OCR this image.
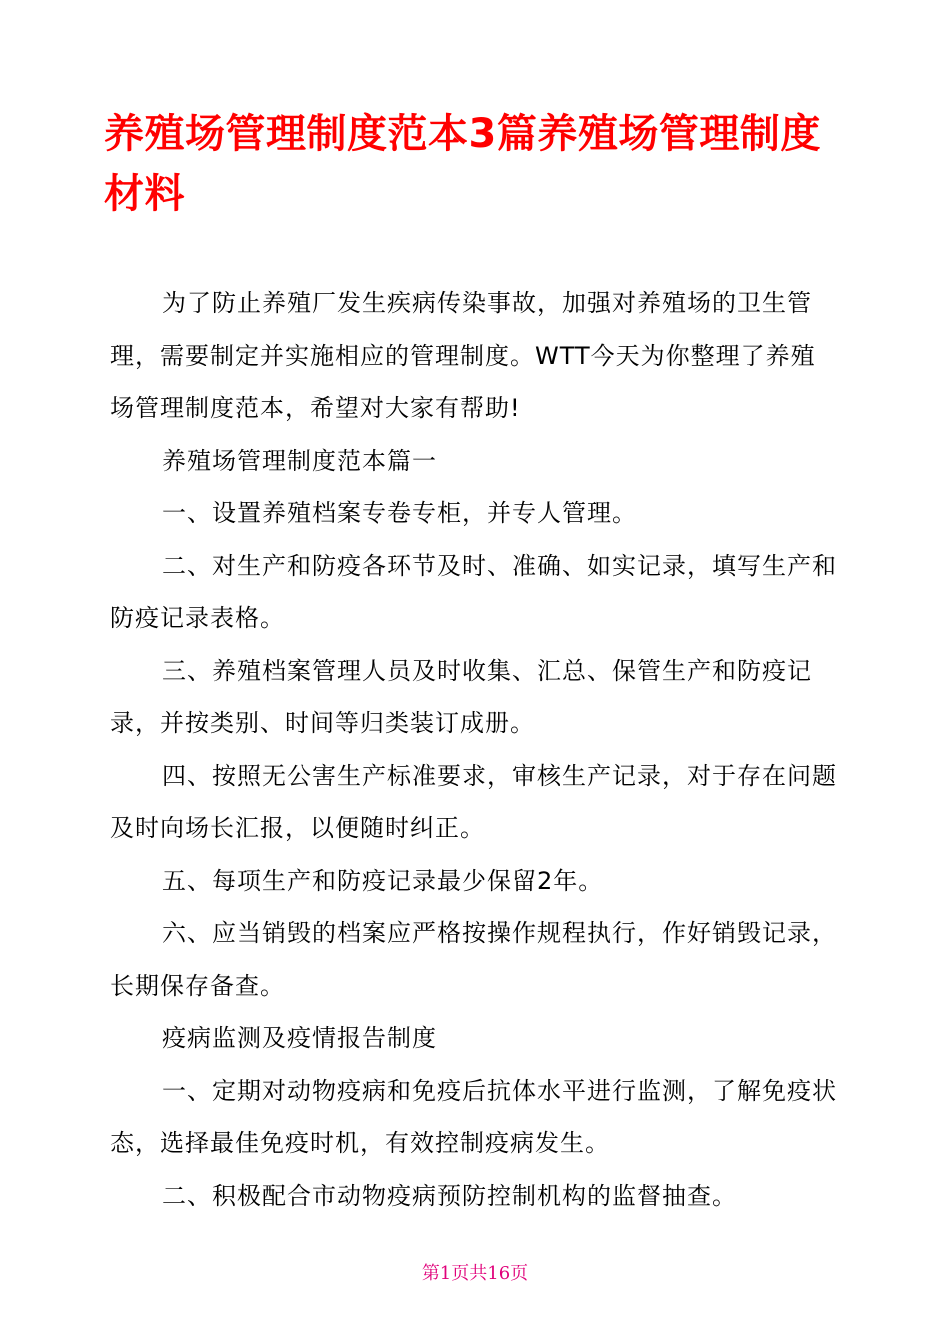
养殖场管理制度范本3篇养殖场管理制度材料

为了防止养殖厂发生疾病传染事故，加强对养殖场的卫生管理，需要制定并实施相应的管理制度。WTT今天为你整理了养殖场管理制度范本，希望对大家有帮助!

养殖场管理制度范本篇一

一、设置养殖档案专卷专柜，并专人管理。

二、对生产和防疫各环节及时、准确、如实记录，填写生产和防疫记录表格。

三、养殖档案管理人员及时收集、汇总、保管生产和防疫记录，并按类别、时间等归类装订成册。

四、按照无公害生产标准要求，审核生产记录，对于存在问题及时向场长汇报，以便随时纠正。

五、每项生产和防疫记录最少保留2年。

六、应当销毁的档案应严格按操作规程执行，作好销毁记录，长期保存备查。

疫病监测及疫情报告制度

一、定期对动物疫病和免疫后抗体水平进行监测，了解免疫状态，选择最佳免疫时机，有效控制疫病发生。

二、积极配合市动物疫病预防控制机构的监督抽查。

第1页共16页
